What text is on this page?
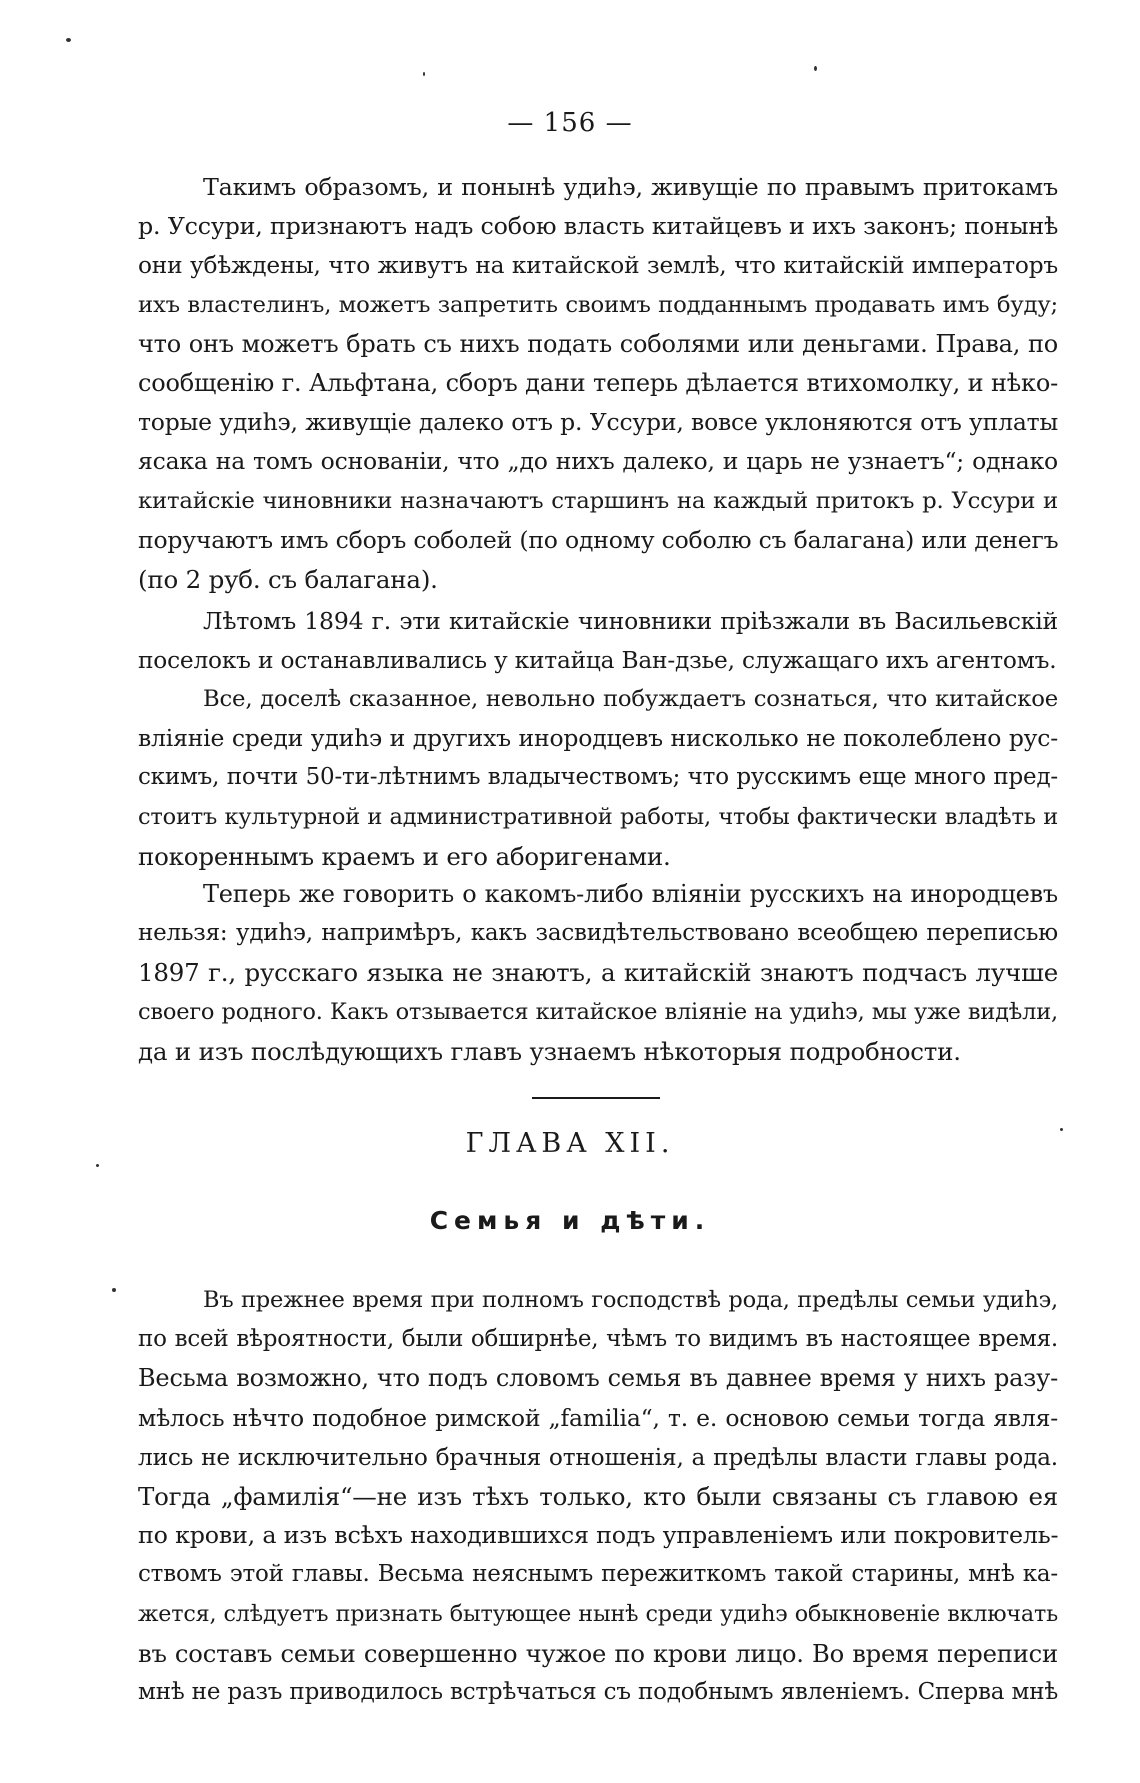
— 156 —
Такимъ образомъ, и понынѣ удиһэ, живущіе по правымъ притокамъ
р. Уссури, признаютъ надъ собою власть китайцевъ и ихъ законъ; понынѣ
они убѣждены, что живутъ на китайской землѣ, что китайскій императоръ
ихъ властелинъ, можетъ запретить своимъ подданнымъ продавать имъ буду;
что онъ можетъ брать съ нихъ подать соболями или деньгами. Права, по
сообщенію г. Альфтана, сборъ дани теперь дѣлается втихомолку, и нѣко-
торые удиһэ, живущіе далеко отъ р. Уссури, вовсе уклоняются отъ уплаты
ясака на томъ основаніи, что „до нихъ далеко, и царь не узнаетъ“; однако
китайскіе чиновники назначаютъ старшинъ на каждый притокъ р. Уссури и
поручаютъ имъ сборъ соболей (по одному соболю съ балагана) или денегъ
(по 2 руб. съ балагана).
Лѣтомъ 1894 г. эти китайскіе чиновники пріѣзжали въ Васильевскій
поселокъ и останавливались у китайца Ван-дзье, служащаго ихъ агентомъ.
Все, доселѣ сказанное, невольно побуждаетъ сознаться, что китайское
вліяніе среди удиһэ и другихъ инородцевъ нисколько не поколеблено рус-
скимъ, почти 50-ти-лѣтнимъ владычествомъ; что русскимъ еще много пред-
стоитъ культурной и административной работы, чтобы фактически владѣть и
покореннымъ краемъ и его аборигенами.
Теперь же говорить о какомъ-либо вліяніи русскихъ на инородцевъ
нельзя: удиһэ, напримѣръ, какъ засвидѣтельствовано всеобщею переписью
1897 г., русскаго языка не знаютъ, а китайскій знаютъ подчасъ лучше
своего родного. Какъ отзывается китайское вліяніе на удиһэ, мы уже видѣли,
да и изъ послѣдующихъ главъ узнаемъ нѣкоторыя подробности.
ГЛАВА XII.
Семья и дѣти.
Въ прежнее время при полномъ господствѣ рода, предѣлы семьи удиһэ,
по всей вѣроятности, были обширнѣе, чѣмъ то видимъ въ настоящее время.
Весьма возможно, что подъ словомъ семья въ давнее время у нихъ разу-
мѣлось нѣчто подобное римской „familia“, т. е. основою семьи тогда явля-
лись не исключительно брачныя отношенія, а предѣлы власти главы рода.
Тогда „фамилія“—не изъ тѣхъ только, кто были связаны съ главою ея
по крови, а изъ всѣхъ находившихся подъ управленіемъ или покровитель-
ствомъ этой главы. Весьма неяснымъ пережиткомъ такой старины, мнѣ ка-
жется, слѣдуетъ признать бытующее нынѣ среди удиһэ обыкновеніе включать
въ составъ семьи совершенно чужое по крови лицо. Во время переписи
мнѣ не разъ приводилось встрѣчаться съ подобнымъ явленіемъ. Сперва мнѣ
